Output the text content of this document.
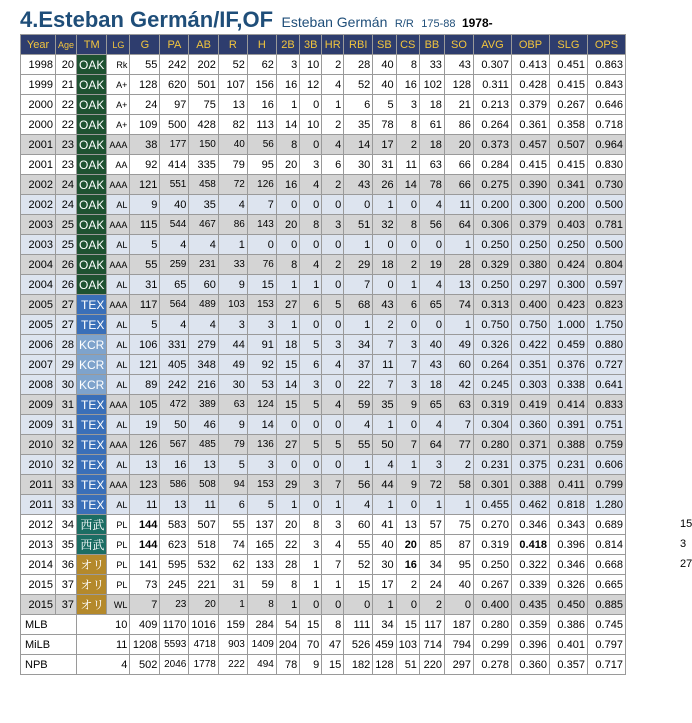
4.Esteban Germán/IF,OF Esteban Germán R/R 175-88 1978-
Year	Age	TM	LG	G	PA	AB	R	H	2B	3B	HR	RBI	SB	CS	BB	SO	AVG	OBP	SLG	OPS
1998	20	OAK	Rk	55	242	202	52	62	3	10	2	28	40	8	33	43	0.307	0.413	0.451	0.863
1999	21	OAK	A+	128	620	501	107	156	16	12	4	52	40	16	102	128	0.311	0.428	0.415	0.843
2000	22	OAK	A+	24	97	75	13	16	1	0	1	6	5	3	18	21	0.213	0.379	0.267	0.646
2000	22	OAK	A+	109	500	428	82	113	14	10	2	35	78	8	61	86	0.264	0.361	0.358	0.718
2001	23	OAK	AAA	38	177	150	40	56	8	0	4	14	17	2	18	20	0.373	0.457	0.507	0.964
2001	23	OAK	AA	92	414	335	79	95	20	3	6	30	31	11	63	66	0.284	0.415	0.415	0.830
2002	24	OAK	AAA	121	551	458	72	126	16	4	2	43	26	14	78	66	0.275	0.390	0.341	0.730
2002	24	OAK	AL	9	40	35	4	7	0	0	0	0	1	0	4	11	0.200	0.300	0.200	0.500
2003	25	OAK	AAA	115	544	467	86	143	20	8	3	51	32	8	56	64	0.306	0.379	0.403	0.781
2003	25	OAK	AL	5	4	4	1	0	0	0	0	1	0	0	0	1	0.250	0.250	0.250	0.500
2004	26	OAK	AAA	55	259	231	33	76	8	4	2	29	18	2	19	28	0.329	0.380	0.424	0.804
2004	26	OAK	AL	31	65	60	9	15	1	1	0	7	0	1	4	13	0.250	0.297	0.300	0.597
2005	27	TEX	AAA	117	564	489	103	153	27	6	5	68	43	6	65	74	0.313	0.400	0.423	0.823
2005	27	TEX	AL	5	4	4	3	3	1	0	0	1	2	0	0	1	0.750	0.750	1.000	1.750
2006	28	KCR	AL	106	331	279	44	91	18	5	3	34	7	3	40	49	0.326	0.422	0.459	0.880
2007	29	KCR	AL	121	405	348	49	92	15	6	4	37	11	7	43	60	0.264	0.351	0.376	0.727
2008	30	KCR	AL	89	242	216	30	53	14	3	0	22	7	3	18	42	0.245	0.303	0.338	0.641
2009	31	TEX	AAA	105	472	389	63	124	15	5	4	59	35	9	65	63	0.319	0.419	0.414	0.833
2009	31	TEX	AL	19	50	46	9	14	0	0	0	4	1	0	4	7	0.304	0.360	0.391	0.751
2010	32	TEX	AAA	126	567	485	79	136	27	5	5	55	50	7	64	77	0.280	0.371	0.388	0.759
2010	32	TEX	AL	13	16	13	5	3	0	0	0	1	4	1	3	2	0.231	0.375	0.231	0.606
2011	33	TEX	AAA	123	586	508	94	153	29	3	7	56	44	9	72	58	0.301	0.388	0.411	0.799
2011	33	TEX	AL	11	13	11	6	5	1	0	1	4	1	0	1	1	0.455	0.462	0.818	1.280
2012	34	西武	PL	144	583	507	55	137	20	8	3	60	41	13	57	75	0.270	0.346	0.343	0.689
2013	35	西武	PL	144	623	518	74	165	22	3	4	55	40	20	85	87	0.319	0.418	0.396	0.814
2014	36	オリ	PL	141	595	532	62	133	28	1	7	52	30	16	34	95	0.250	0.322	0.346	0.668
2015	37	オリ	PL	73	245	221	31	59	8	1	1	15	17	2	24	40	0.267	0.339	0.326	0.665
2015	37	オリ	WL	7	23	20	1	8	1	0	0	0	1	0	2	0	0.400	0.435	0.450	0.885
MLB		10		409	1170	1016	159	284	54	15	8	111	34	15	117	187	0.280	0.359	0.386	0.745
MiLB		11		1208	5593	4718	903	1409	204	70	47	526	459	103	714	794	0.299	0.396	0.401	0.797
NPB		4		502	2046	1778	222	494	78	9	15	182	128	51	220	297	0.278	0.360	0.357	0.717
15
3
27
